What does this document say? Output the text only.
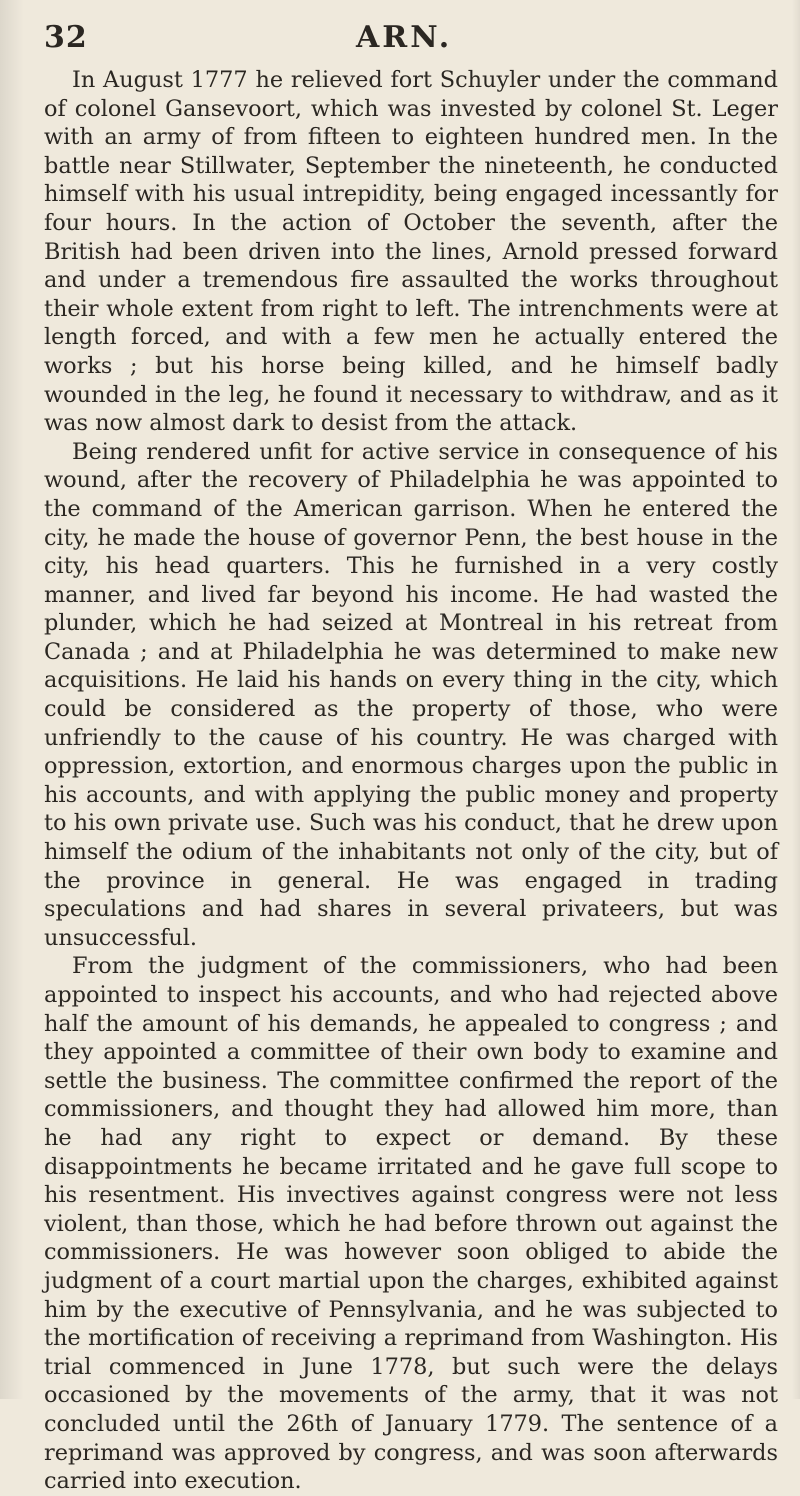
32	ARN.

In August 1777 he relieved fort Schuyler under the command of colonel Gansevoort, which was invested by colonel St. Leger with an army of from fifteen to eighteen hundred men. In the battle near Stillwater, September the nineteenth, he conducted himself with his usual intrepidity, being engaged incessantly for four hours. In the action of October the seventh, after the British had been driven into the lines, Arnold pressed forward and under a tremendous fire assaulted the works throughout their whole extent from right to left. The intrenchments were at length forced, and with a few men he actually entered the works ; but his horse being killed, and he himself badly wounded in the leg, he found it necessary to withdraw, and as it was now almost dark to desist from the attack.

Being rendered unfit for active service in consequence of his wound, after the recovery of Philadelphia he was appointed to the command of the American garrison. When he entered the city, he made the house of governor Penn, the best house in the city, his head quarters. This he furnished in a very costly manner, and lived far beyond his income. He had wasted the plunder, which he had seized at Montreal in his retreat from Canada ; and at Philadelphia he was determined to make new acquisitions. He laid his hands on every thing in the city, which could be considered as the property of those, who were unfriendly to the cause of his country. He was charged with oppression, extortion, and enormous charges upon the public in his accounts, and with applying the public money and property to his own private use. Such was his conduct, that he drew upon himself the odium of the inhabitants not only of the city, but of the province in general. He was engaged in trading speculations and had shares in several privateers, but was unsuccessful.

From the judgment of the commissioners, who had been appointed to inspect his accounts, and who had rejected above half the amount of his demands, he appealed to congress ; and they appointed a committee of their own body to examine and settle the business. The committee confirmed the report of the commissioners, and thought they had allowed him more, than he had any right to expect or demand. By these disappointments he became irritated and he gave full scope to his resentment. His invectives against congress were not less violent, than those, which he had before thrown out against the commissioners. He was however soon obliged to abide the judgment of a court martial upon the charges, exhibited against him by the executive of Pennsylvania, and he was subjected to the mortification of receiving a reprimand from Washington. His trial commenced in June 1778, but such were the delays occasioned by the movements of the army, that it was not concluded until the 26th of January 1779. The sentence of a reprimand was approved by congress, and was soon afterwards carried into execution.
